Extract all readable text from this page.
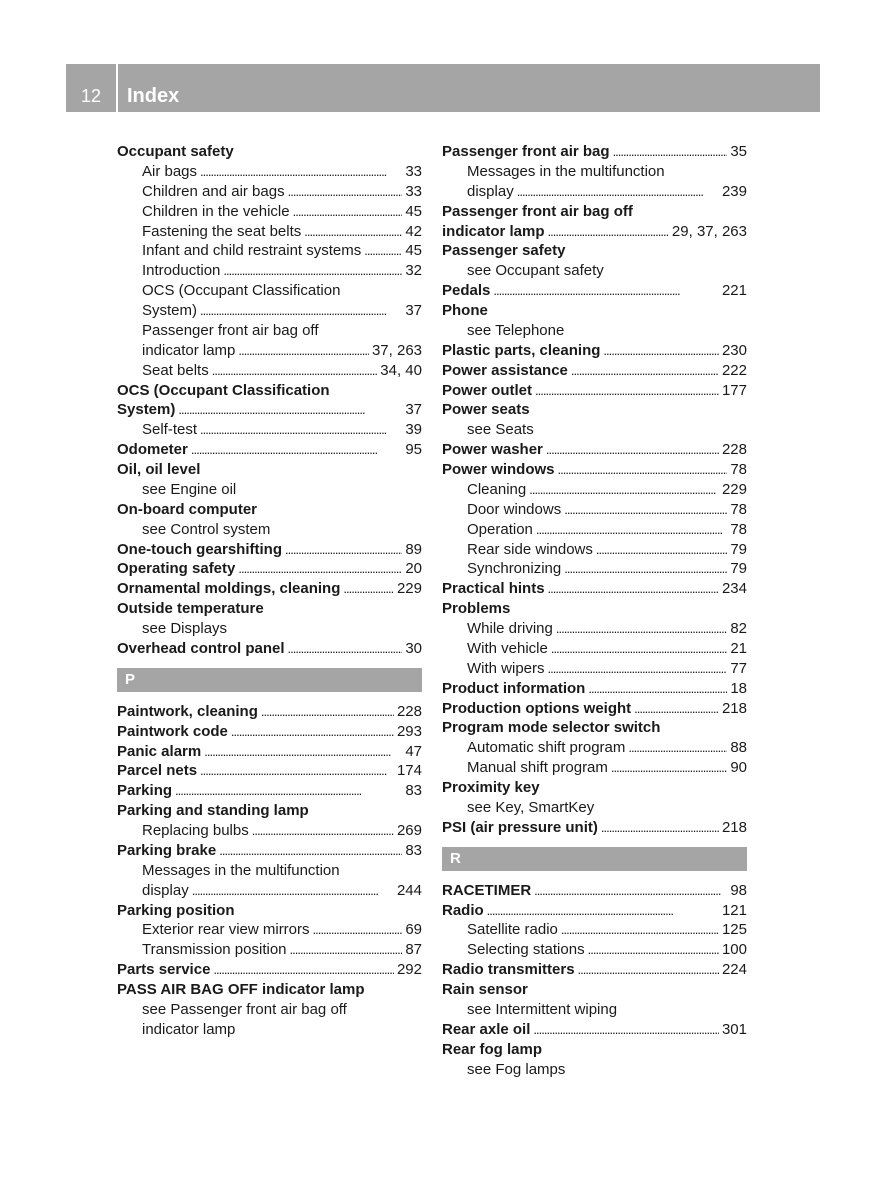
12	Index
Occupant safety
Air bags . . .	33
Children and air bags . . .	33
Children in the vehicle . . .	45
Fastening the seat belts . . .	42
Infant and child restraint systems . . .	45
Introduction . . .	32
OCS (Occupant Classification
System) . . .	37
Passenger front air bag off
indicator lamp . . .	37, 263
Seat belts . . .	34, 40
OCS (Occupant Classification
System) . . .	37
Self-test . . .	39
Odometer . . .	95
Oil, oil level
see Engine oil
On-board computer
see Control system
One-touch gearshifting . . .	89
Operating safety . . .	20
Ornamental moldings, cleaning . . .	229
Outside temperature
see Displays
Overhead control panel . . .	30
P
Paintwork, cleaning . . .	228
Paintwork code . . .	293
Panic alarm . . .	47
Parcel nets . . .	174
Parking . . .	83
Parking and standing lamp
Replacing bulbs . . .	269
Parking brake . . .	83
Messages in the multifunction
display . . .	244
Parking position
Exterior rear view mirrors . . .	69
Transmission position . . .	87
Parts service . . .	292
PASS AIR BAG OFF indicator lamp
see Passenger front air bag off
indicator lamp
Passenger front air bag . . .	35
Messages in the multifunction
display . . .	239
Passenger front air bag off
indicator lamp . . .	29, 37, 263
Passenger safety
see Occupant safety
Pedals . . .	221
Phone
see Telephone
Plastic parts, cleaning . . .	230
Power assistance . . .	222
Power outlet . . .	177
Power seats
see Seats
Power washer . . .	228
Power windows . . .	78
Cleaning . . .	229
Door windows . . .	78
Operation . . .	78
Rear side windows . . .	79
Synchronizing . . .	79
Practical hints . . .	234
Problems
While driving . . .	82
With vehicle . . .	21
With wipers . . .	77
Product information . . .	18
Production options weight . . .	218
Program mode selector switch
Automatic shift program . . .	88
Manual shift program . . .	90
Proximity key
see Key, SmartKey
PSI (air pressure unit) . . .	218
R
RACETIMER . . .	98
Radio . . .	121
Satellite radio . . .	125
Selecting stations . . .	100
Radio transmitters . . .	224
Rain sensor
see Intermittent wiping
Rear axle oil . . .	301
Rear fog lamp
see Fog lamps
